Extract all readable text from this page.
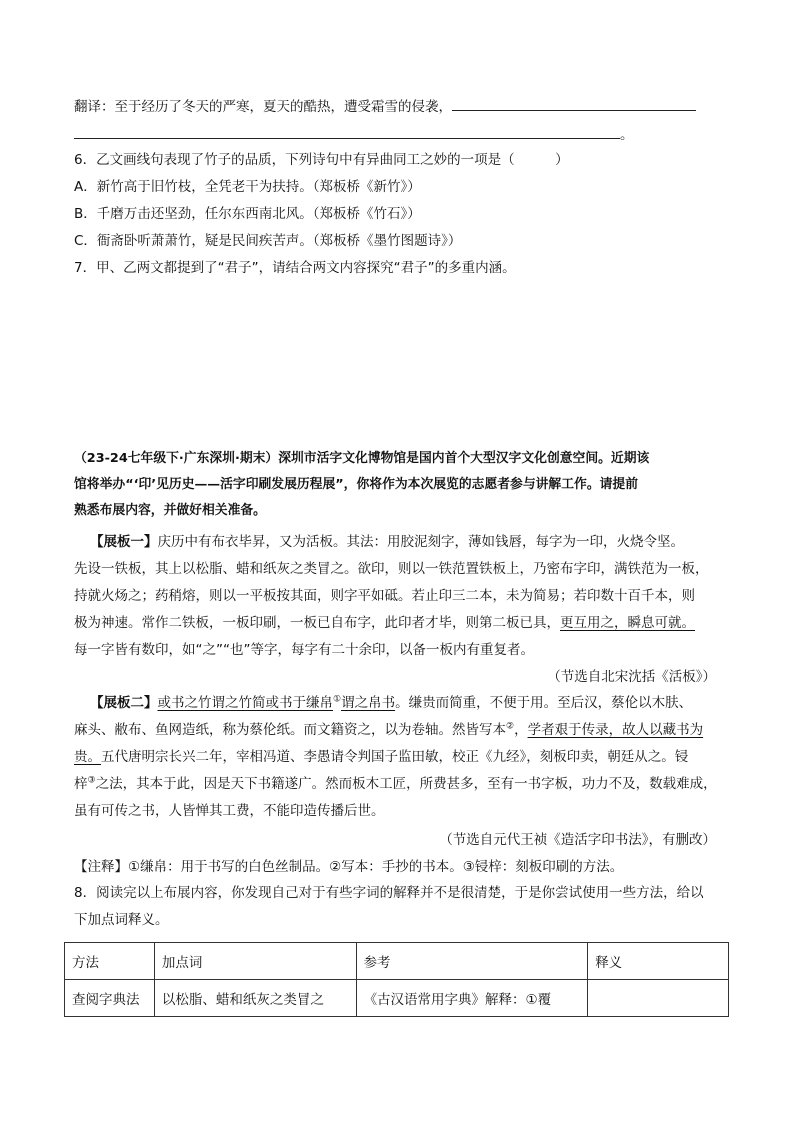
翻译：至于经历了冬天的严寒，夏天的酷热，遭受霜雪的侵袭，
。
6．乙文画线句表现了竹子的品质，下列诗句中有异曲同工之妙的一项是（　　　）
A．新竹高于旧竹枝，全凭老干为扶持。（郑板桥《新竹》）
B．千磨万击还坚劲，任尔东西南北风。（郑板桥《竹石》）
C．衙斋卧听萧萧竹，疑是民间疾苦声。（郑板桥《墨竹图题诗》）
7．甲、乙两文都提到了“君子”，请结合两文内容探究“君子”的多重内涵。
（23-24七年级下·广东深圳·期末）深圳市活字文化博物馆是国内首个大型汉字文化创意空间。近期该
馆将举办“‘印’见历史——活字印刷发展历程展”，你将作为本次展览的志愿者参与讲解工作。请提前
熟悉布展内容，并做好相关准备。
【展板一】庆历中有布衣毕昇，又为活板。其法：用胶泥刻字，薄如钱唇，每字为一印，火烧令坚。
先设一铁板，其上以松脂、蜡和纸灰之类冒之。欲印，则以一铁范置铁板上，乃密布字印，满铁范为一板，
持就火炀之；药稍熔，则以一平板按其面，则字平如砥。若止印三二本，未为简易；若印数十百千本，则
极为神速。常作二铁板，一板印刷，一板已自布字，此印者才毕，则第二板已具，更互用之，瞬息可就。
每一字皆有数印，如“之”“也”等字，每字有二十余印，以备一板内有重复者。
（节选自北宋沈括《活板》）
【展板二】或书之竹谓之竹简或书于缣帛①谓之帛书。缣贵而简重，不便于用。至后汉，蔡伦以木肤、
麻头、敝布、鱼网造纸，称为蔡伦纸。而文籍资之，以为卷轴。然皆写本②，学者艰于传录，故人以藏书为
贵。五代唐明宗长兴二年，宰相冯道、李愚请令判国子监田敏，校正《九经》，刻板印卖，朝廷从之。锓
梓③之法，其本于此，因是天下书籍遂广。然而板木工匠，所费甚多，至有一书字板，功力不及，数载难成，
虽有可传之书，人皆惮其工费，不能印造传播后世。
（节选自元代王祯《造活字印书法》，有删改）
【注释】①缣帛：用于书写的白色丝制品。②写本：手抄的书本。③锓梓：刻板印刷的方法。
8．阅读完以上布展内容，你发现自己对于有些字词的解释并不是很清楚，于是你尝试使用一些方法，给以
下加点词释义。
方法	加点词	参考	释义
查阅字典法	以松脂、蜡和纸灰之类冒之	《古汉语常用字典》解释：①覆	
